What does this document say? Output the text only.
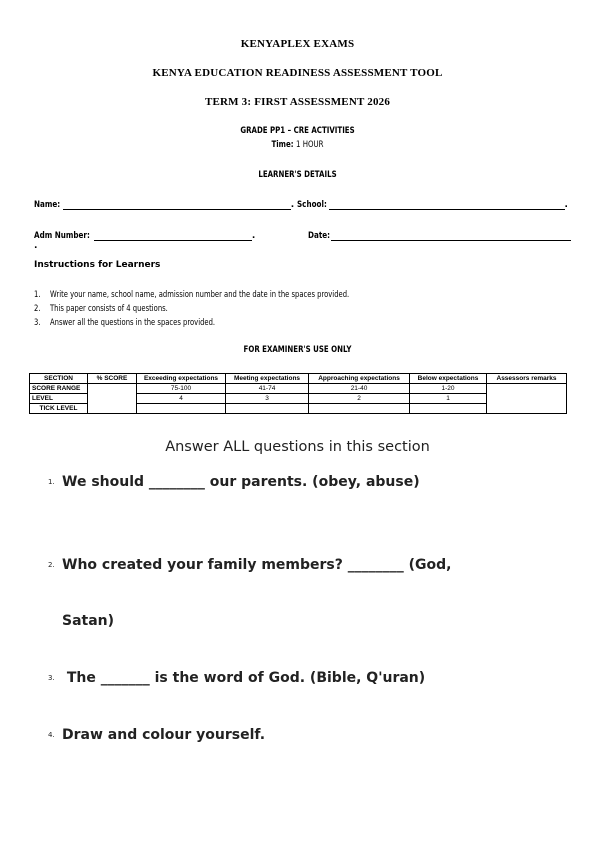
KENYAPLEX EXAMS
KENYA EDUCATION READINESS ASSESSMENT TOOL
TERM 3: FIRST ASSESSMENT 2026
GRADE PP1 – CRE ACTIVITIES
Time: 1 HOUR
LEARNER'S DETAILS
Name:	. School:	.
Adm Number:	.	Date:.
Instructions for Learners
1. Write your name, school name, admission number and the date in the spaces provided.
2. This paper consists of 4 questions.
3. Answer all the questions in the spaces provided.
FOR EXAMINER'S USE ONLY
SECTION	% SCORE	Exceeding expectations	Meeting expectations	Approaching expectations	Below expectations	Assessors remarks
SCORE RANGE		75-100	41-74	21-40	1-20	
LEVEL		4	3	2	1	
TICK LEVEL						
Answer ALL questions in this section
1. We should ________ our parents. (obey, abuse)
2. Who created your family members? ________ (God,
Satan)
3. The _______ is the word of God. (Bible, Q'uran)
4. Draw and colour yourself.
